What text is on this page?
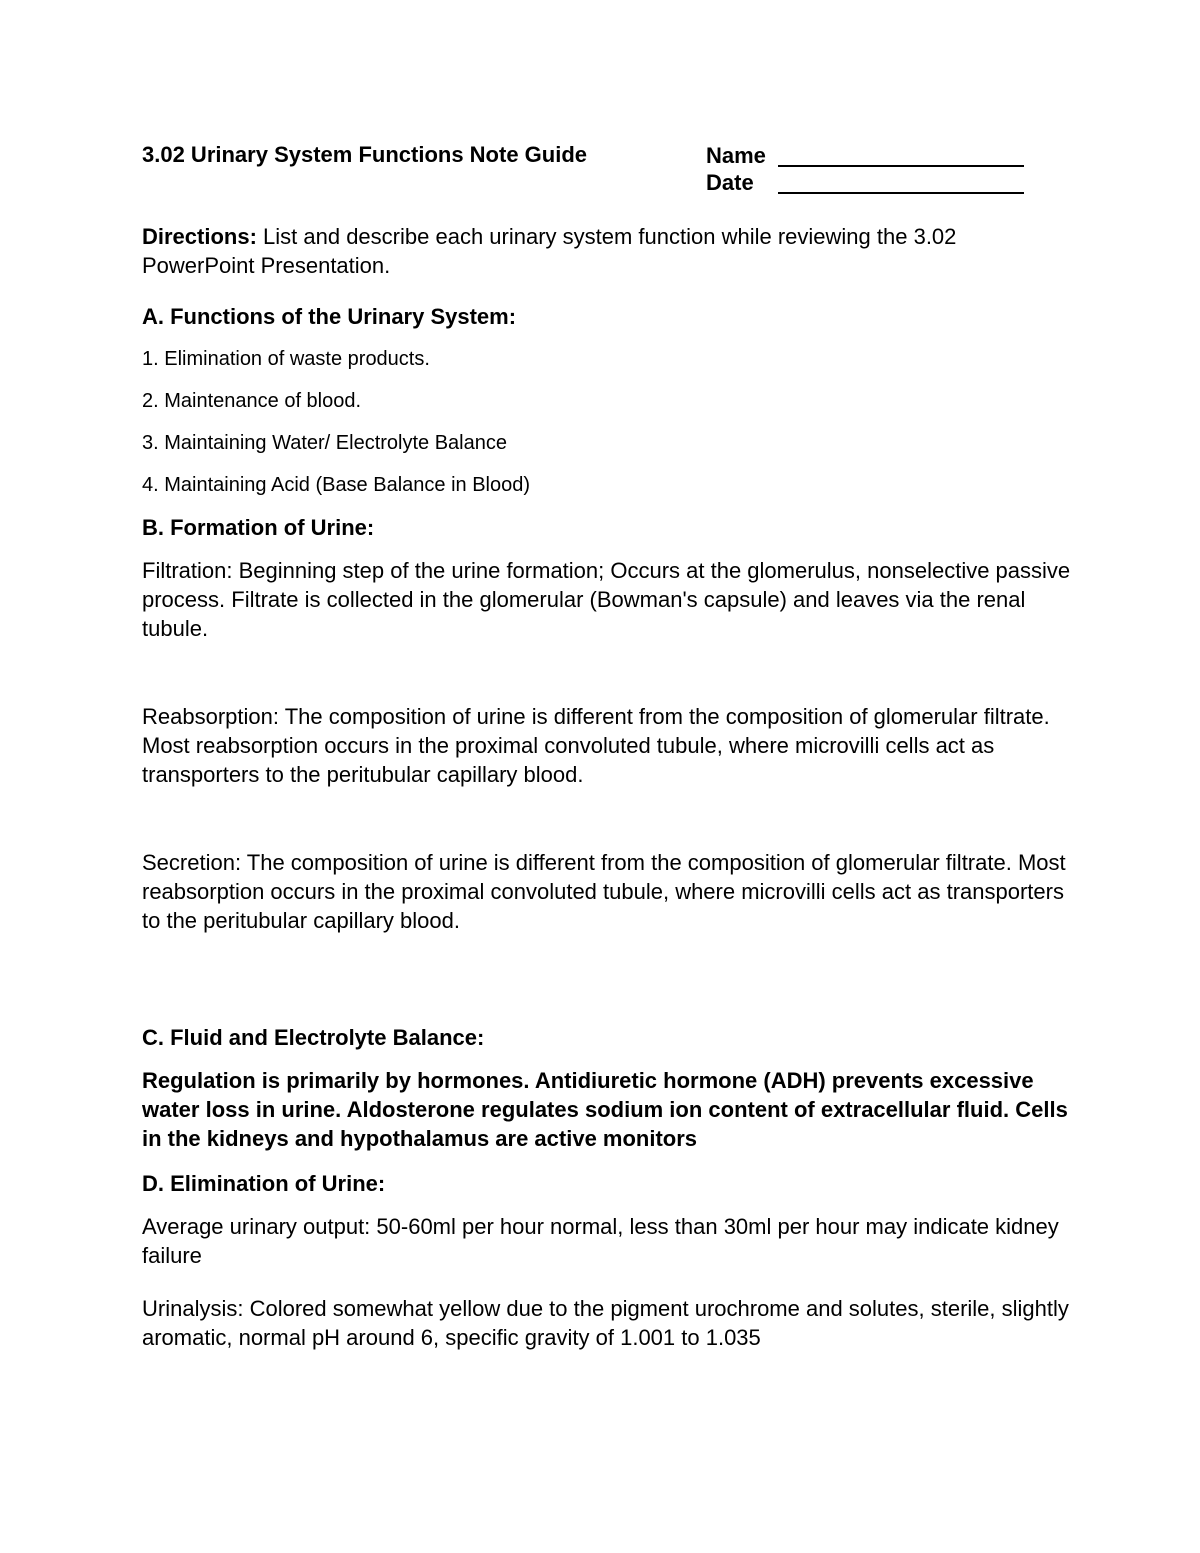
3.02 Urinary System Functions Note Guide	Name
Date

Directions: List and describe each urinary system function while reviewing the 3.02 PowerPoint Presentation.

A. Functions of the Urinary System:

1. Elimination of waste products.

2. Maintenance of blood.

3. Maintaining Water/ Electrolyte Balance

4. Maintaining Acid (Base Balance in Blood)

B. Formation of Urine:

Filtration: Beginning step of the urine formation; Occurs at the glomerulus, nonselective passive process. Filtrate is collected in the glomerular (Bowman's capsule) and leaves via the renal tubule.

Reabsorption: The composition of urine is different from the composition of glomerular filtrate. Most reabsorption occurs in the proximal convoluted tubule, where microvilli cells act as transporters to the peritubular capillary blood.

Secretion: The composition of urine is different from the composition of glomerular filtrate. Most reabsorption occurs in the proximal convoluted tubule, where microvilli cells act as transporters to the peritubular capillary blood.

C. Fluid and Electrolyte Balance:

Regulation is primarily by hormones. Antidiuretic hormone (ADH) prevents excessive water loss in urine. Aldosterone regulates sodium ion content of extracellular fluid. Cells in the kidneys and hypothalamus are active monitors

D. Elimination of Urine:

Average urinary output: 50-60ml per hour normal, less than 30ml per hour may indicate kidney failure

Urinalysis: Colored somewhat yellow due to the pigment urochrome and solutes, sterile, slightly aromatic, normal pH around 6, specific gravity of 1.001 to 1.035
